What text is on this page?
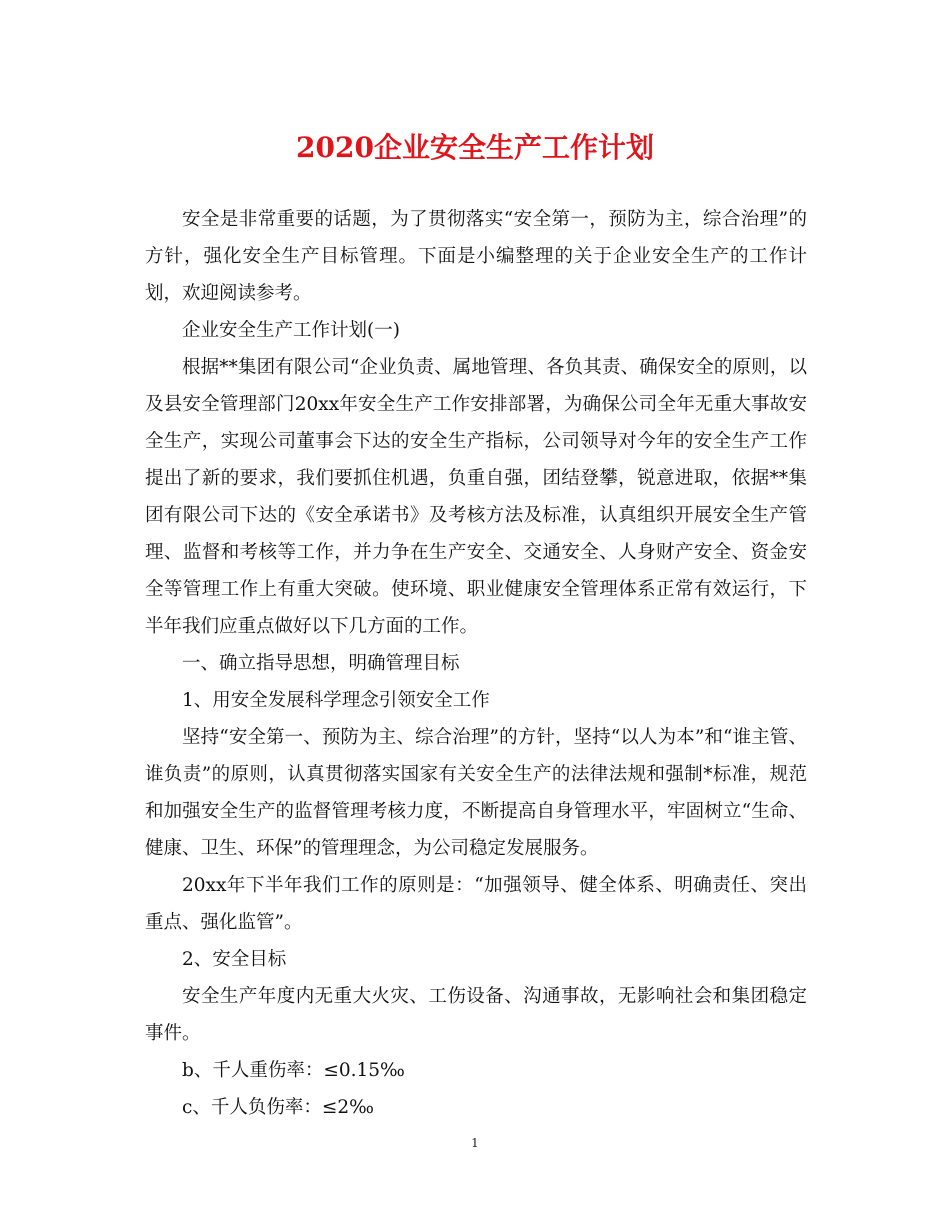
2020企业安全生产工作计划

安全是非常重要的话题，为了贯彻落实“安全第一，预防为主，综合治理”的方针，强化安全生产目标管理。下面是小编整理的关于企业安全生产的工作计划，欢迎阅读参考。

企业安全生产工作计划(一)

根据**集团有限公司“企业负责、属地管理、各负其责、确保安全的原则，以及县安全管理部门20xx年安全生产工作安排部署，为确保公司全年无重大事故安全生产，实现公司董事会下达的安全生产指标，公司领导对今年的安全生产工作提出了新的要求，我们要抓住机遇，负重自强，团结登攀，锐意进取，依据**集团有限公司下达的《安全承诺书》及考核方法及标准，认真组织开展安全生产管理、监督和考核等工作，并力争在生产安全、交通安全、人身财产安全、资金安全等管理工作上有重大突破。使环境、职业健康安全管理体系正常有效运行，下半年我们应重点做好以下几方面的工作。

一、确立指导思想，明确管理目标

1、用安全发展科学理念引领安全工作

坚持“安全第一、预防为主、综合治理”的方针，坚持“以人为本”和“谁主管、谁负责”的原则，认真贯彻落实国家有关安全生产的法律法规和强制*标准，规范和加强安全生产的监督管理考核力度，不断提高自身管理水平，牢固树立“生命、健康、卫生、环保”的管理理念，为公司稳定发展服务。

20xx年下半年我们工作的原则是：“加强领导、健全体系、明确责任、突出重点、强化监管”。

2、安全目标

安全生产年度内无重大火灾、工伤设备、沟通事故，无影响社会和集团稳定事件。

b、千人重伤率：≤0.15‰

c、千人负伤率：≤2‰

1
